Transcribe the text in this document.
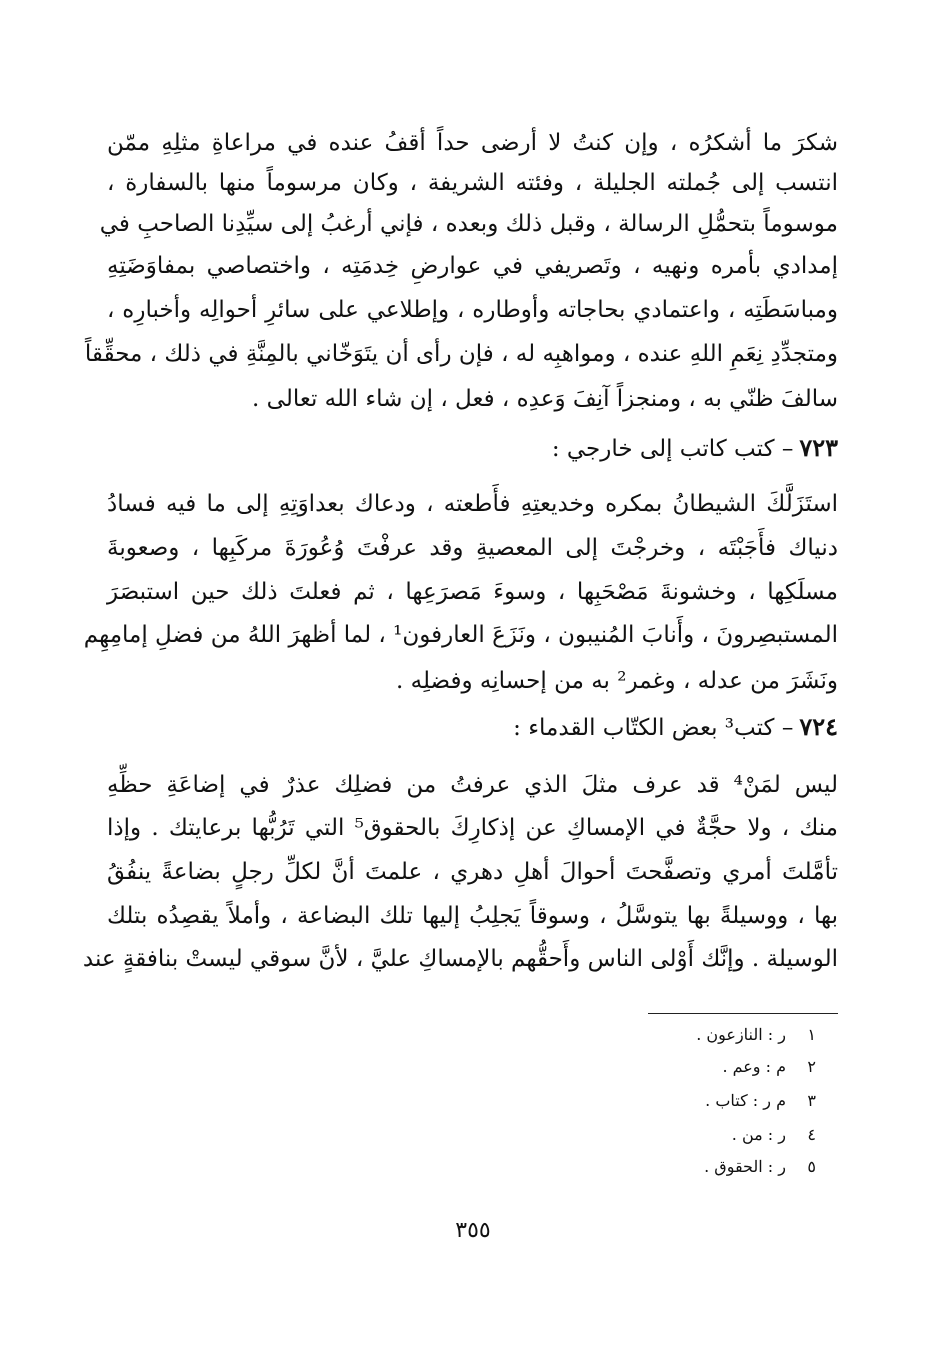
شكرَ ما أشكرُه ، وإن كنتُ لا أرضى حداً أقفُ عنده في مراعاةِ مثلِهِ ممّن
انتسب إلى جُملته الجليلة ، وفئته الشريفة ، وكان مرسوماً منها بالسفارة ،
موسوماً بتحمُّلِ الرسالة ، وقبل ذلك وبعده ، فإني أرغبُ إلى سيِّدِنا الصاحبِ في
إمدادي بأمره ونهيه ، وتَصريفي في عوارضِ خِدمَتِه ، واختصاصي بمفاوَضَتِهِ
ومباسَطَتِه ، واعتمادي بحاجاته وأوطاره ، وإطلاعي على سائرِ أحوالِه وأخبارِه ،
ومتجدِّدِ نِعَمِ اللهِ عنده ، ومواهبِه له ، فإن رأى أن يتَوَخّاني بالمِنَّةِ في ذلك ، محقِّقاً
سالفَ ظنّي به ، ومنجزاً آنِفَ وَعدِه ، فعل ، إن شاء الله تعالى .
٧٢٣– كتب كاتب إلى خارجي :
استَزَلَّكَ الشيطانُ بمكره وخديعتِهِ فأَطعته ، ودعاك بعداوَتِهِ إلى ما فيه فسادُ
دنياك فأَجَبْتَه ، وخرجْتَ إلى المعصيةِ وقد عرفْتَ وُعُورَةَ مركَبِها ، وصعوبةَ
مسلَكِها ، وخشونةَ مَصْحَبِها ، وسوءَ مَصرَعِها ، ثم فعلتَ ذلك حين استبصَرَ
المستبصِرونَ ، وأَنابَ المُنيبون ، ونَزَعَ العارفون¹ ، لما أظهرَ اللهُ من فضلِ إمامِهِم
ونَشَرَ من عدله ، وغمر² به من إحسانِه وفضلِه .
٧٢٤– كتب³ بعض الكتّاب القدماء :
ليس لمَنْ⁴ قد عرف مثلَ الذي عرفتُ من فضلِك عذرٌ في إضاعَةِ حظِّهِ
منك ، ولا حجَّةٌ في الإمساكِ عن إذكارِكَ بالحقوق⁵ التي تَرُبُّها برعايتك . وإذا
تأمَّلتَ أمري وتصفَّحتَ أحوالَ أهلِ دهري ، علمتَ أنَّ لكلِّ رجلٍ بضاعةً ينفُقُ
بها ، ووسيلةً بها يتوسَّلُ ، وسوقاً يَجلِبُ إليها تلك البضاعة ، وأملاً يقصِدُه بتلك
الوسيلة . وإنَّك أَوْلى الناس وأَحقُّهم بالإمساكِ عليَّ ، لأنَّ سوقي ليستْ بنافقةٍ عند
١ر : النازعون .
٢م : وعم .
٣م ر : كتاب .
٤ر : من .
٥ر : الحقوق .
٣٥٥
